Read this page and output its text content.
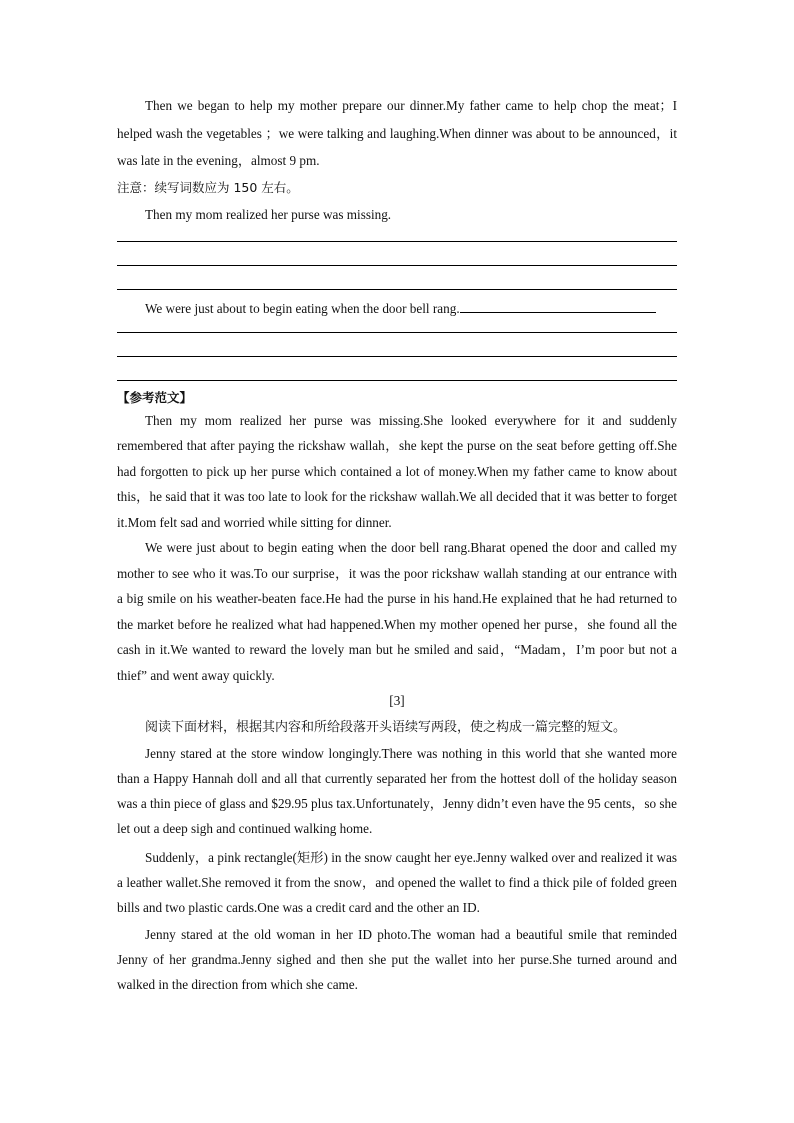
Then we began to help my mother prepare our dinner.My father came to help chop the meat；I helped wash the vegetables ；we were talking and laughing.When dinner was about to be announced，it was late in the evening，almost 9 pm.

注意：续写词数应为 150 左右。

Then my mom realized her purse was missing.

We were just about to begin eating when the door bell rang.

【参考范文】

Then my mom realized her purse was missing.She looked everywhere for it and suddenly remembered that after paying the rickshaw wallah，she kept the purse on the seat before getting off.She had forgotten to pick up her purse which contained a lot of money.When my father came to know about this，he said that it was too late to look for the rickshaw wallah.We all decided that it was better to forget it.Mom felt sad and worried while sitting for dinner.

We were just about to begin eating when the door bell rang.Bharat opened the door and called my mother to see who it was.To our surprise，it was the poor rickshaw wallah standing at our entrance with a big smile on his weather-beaten face.He had the purse in his hand.He explained that he had returned to the market before he realized what had happened.When my mother opened her purse，she found all the cash in it.We wanted to reward the lovely man but he smiled and said，“Madam，I’m poor but not a thief” and went away quickly.

[3]

阅读下面材料，根据其内容和所给段落开头语续写两段，使之构成一篇完整的短文。

Jenny stared at the store window longingly.There was nothing in this world that she wanted more than a Happy Hannah doll and all that currently separated her from the hottest doll of the holiday season was a thin piece of glass and $29.95 plus tax.Unfortunately，Jenny didn’t even have the 95 cents，so she let out a deep sigh and continued walking home.

Suddenly，a pink rectangle(矩形) in the snow caught her eye.Jenny walked over and realized it was a leather wallet.She removed it from the snow，and opened the wallet to find a thick pile of folded green bills and two plastic cards.One was a credit card and the other an ID.

Jenny stared at the old woman in her ID photo.The woman had a beautiful smile that reminded Jenny of her grandma.Jenny sighed and then she put the wallet into her purse.She turned around and walked in the direction from which she came.
